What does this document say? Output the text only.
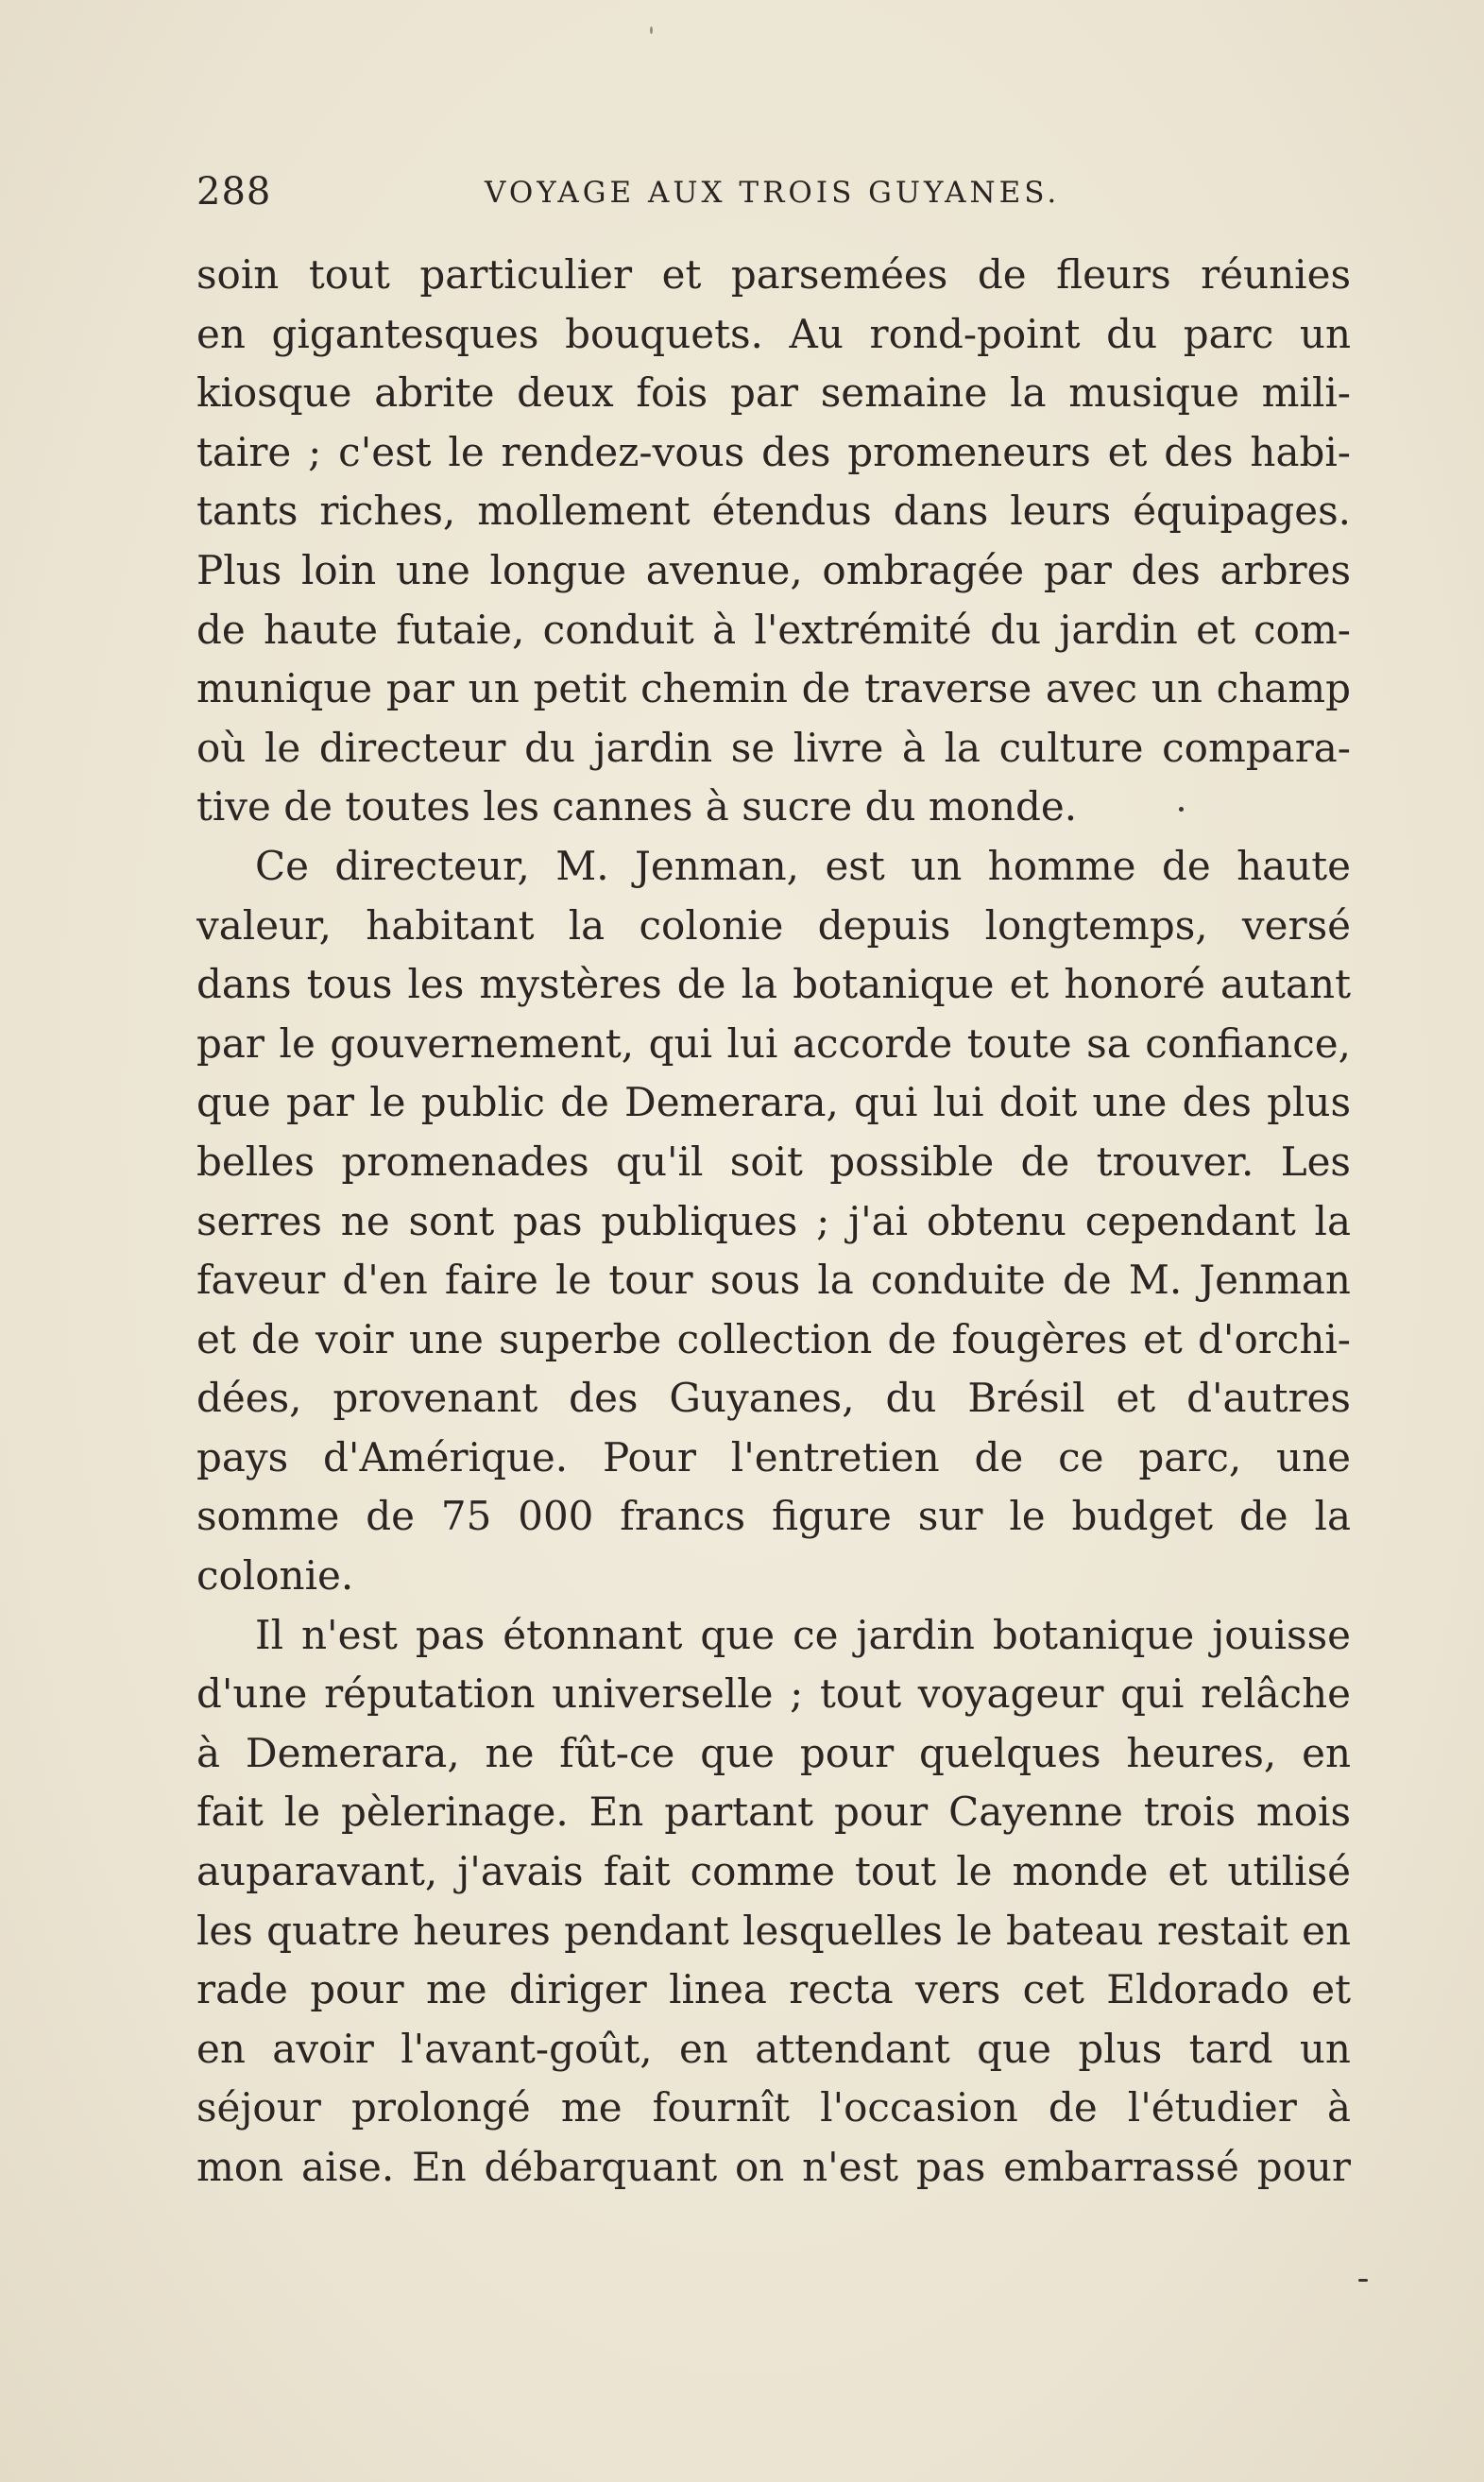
288	VOYAGE AUX TROIS GUYANES.
soin tout particulier et parsemées de fleurs réunies
en gigantesques bouquets. Au rond-point du parc un
kiosque abrite deux fois par semaine la musique mili-
taire ; c'est le rendez-vous des promeneurs et des habi-
tants riches, mollement étendus dans leurs équipages.
Plus loin une longue avenue, ombragée par des arbres
de haute futaie, conduit à l'extrémité du jardin et com-
munique par un petit chemin de traverse avec un champ
où le directeur du jardin se livre à la culture compara-
tive de toutes les cannes à sucre du monde.
Ce directeur, M. Jenman, est un homme de haute
valeur, habitant la colonie depuis longtemps, versé
dans tous les mystères de la botanique et honoré autant
par le gouvernement, qui lui accorde toute sa confiance,
que par le public de Demerara, qui lui doit une des plus
belles promenades qu'il soit possible de trouver. Les
serres ne sont pas publiques ; j'ai obtenu cependant la
faveur d'en faire le tour sous la conduite de M. Jenman
et de voir une superbe collection de fougères et d'orchi-
dées, provenant des Guyanes, du Brésil et d'autres
pays d'Amérique. Pour l'entretien de ce parc, une
somme de 75 000 francs figure sur le budget de la
colonie.
Il n'est pas étonnant que ce jardin botanique jouisse
d'une réputation universelle ; tout voyageur qui relâche
à Demerara, ne fût-ce que pour quelques heures, en
fait le pèlerinage. En partant pour Cayenne trois mois
auparavant, j'avais fait comme tout le monde et utilisé
les quatre heures pendant lesquelles le bateau restait en
rade pour me diriger linea recta vers cet Eldorado et
en avoir l'avant-goût, en attendant que plus tard un
séjour prolongé me fournît l'occasion de l'étudier à
mon aise. En débarquant on n'est pas embarrassé pour
